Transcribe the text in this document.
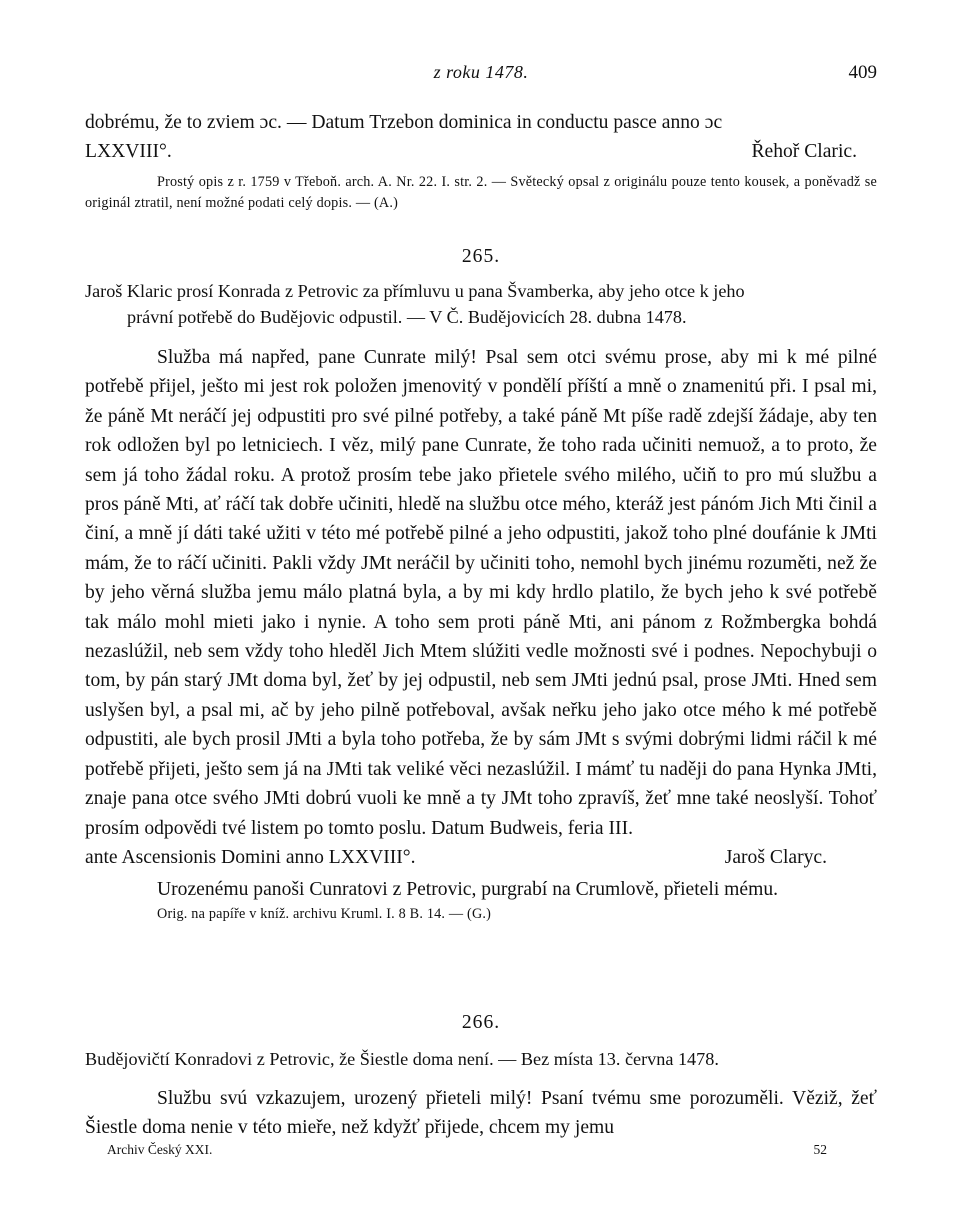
z roku 1478.	409

dobrému, že to zviem ɔc. — Datum Trzebon dominica in conductu pasce anno ɔc

LXXVIII°.	Řehoř Claric.

Prostý opis z r. 1759 v Třeboň. arch. A. Nr. 22. I. str. 2. — Světecký opsal z originálu pouze tento kousek, a poněvadž se originál ztratil, není možné podati celý dopis. — (A.)

265.

Jaroš Klaric prosí Konrada z Petrovic za přímluvu u pana Švamberka, aby jeho otce k jeho
právní potřebě do Budějovic odpustil. — V Č. Budějovicích 28. dubna 1478.

Služba má napřed, pane Cunrate milý! Psal sem otci svému prose, aby mi k mé pilné potřebě přijel, ješto mi jest rok položen jmenovitý v pondělí příští a mně o znamenitú při. I psal mi, že páně Mt neráčí jej odpustiti pro své pilné potřeby, a také páně Mt píše radě zdejší žádaje, aby ten rok odložen byl po letniciech. I věz, milý pane Cunrate, že toho rada učiniti nemuož, a to proto, že sem já toho žádal roku. A protož prosím tebe jako přietele svého milého, učiň to pro mú službu a pros páně Mti, ať ráčí tak dobře učiniti, hledě na službu otce mého, kteráž jest pánóm Jich Mti činil a činí, a mně jí dáti také užiti v této mé potřebě pilné a jeho odpustiti, jakož toho plné doufánie k JMti mám, že to ráčí učiniti. Pakli vždy JMt neráčil by učiniti toho, nemohl bych jinému rozuměti, než že by jeho věrná služba jemu málo platná byla, a by mi kdy hrdlo platilo, že bych jeho k své potřebě tak málo mohl mieti jako i nynie. A toho sem proti páně Mti, ani pánom z Rožmbergka bohdá nezaslúžil, neb sem vždy toho hleděl Jich Mtem slúžiti vedle možnosti své i podnes. Nepochybuji o tom, by pán starý JMt doma byl, žeť by jej odpustil, neb sem JMti jednú psal, prose JMti. Hned sem uslyšen byl, a psal mi, ač by jeho pilně potřeboval, avšak neřku jeho jako otce mého k mé potřebě odpustiti, ale bych prosil JMti a byla toho potřeba, že by sám JMt s svými dobrými lidmi ráčil k mé potřebě přijeti, ješto sem já na JMti tak veliké věci nezaslúžil. I mámť tu naději do pana Hynka JMti, znaje pana otce svého JMti dobrú vuoli ke mně a ty JMt toho zpravíš, žeť mne také neoslyší. Tohoť prosím odpovědi tvé listem po tomto poslu. Datum Budweis, feria III.

ante Ascensionis Domini anno LXXVIII°.	Jaroš Claryc.

Urozenému panoši Cunratovi z Petrovic, purgrabí na Crumlově, přieteli mému.

Orig. na papíře v kníž. archivu Kruml. I. 8 B. 14. — (G.)

266.

Budějovičtí Konradovi z Petrovic, že Šiestle doma není. — Bez místa 13. června 1478.

Službu svú vzkazujem, urozený přieteli milý! Psaní tvému sme porozuměli. Věziž, žeť Šiestle doma nenie v této mieře, než kdyžť přijede, chcem my jemu

Archiv Český XXI.	52
